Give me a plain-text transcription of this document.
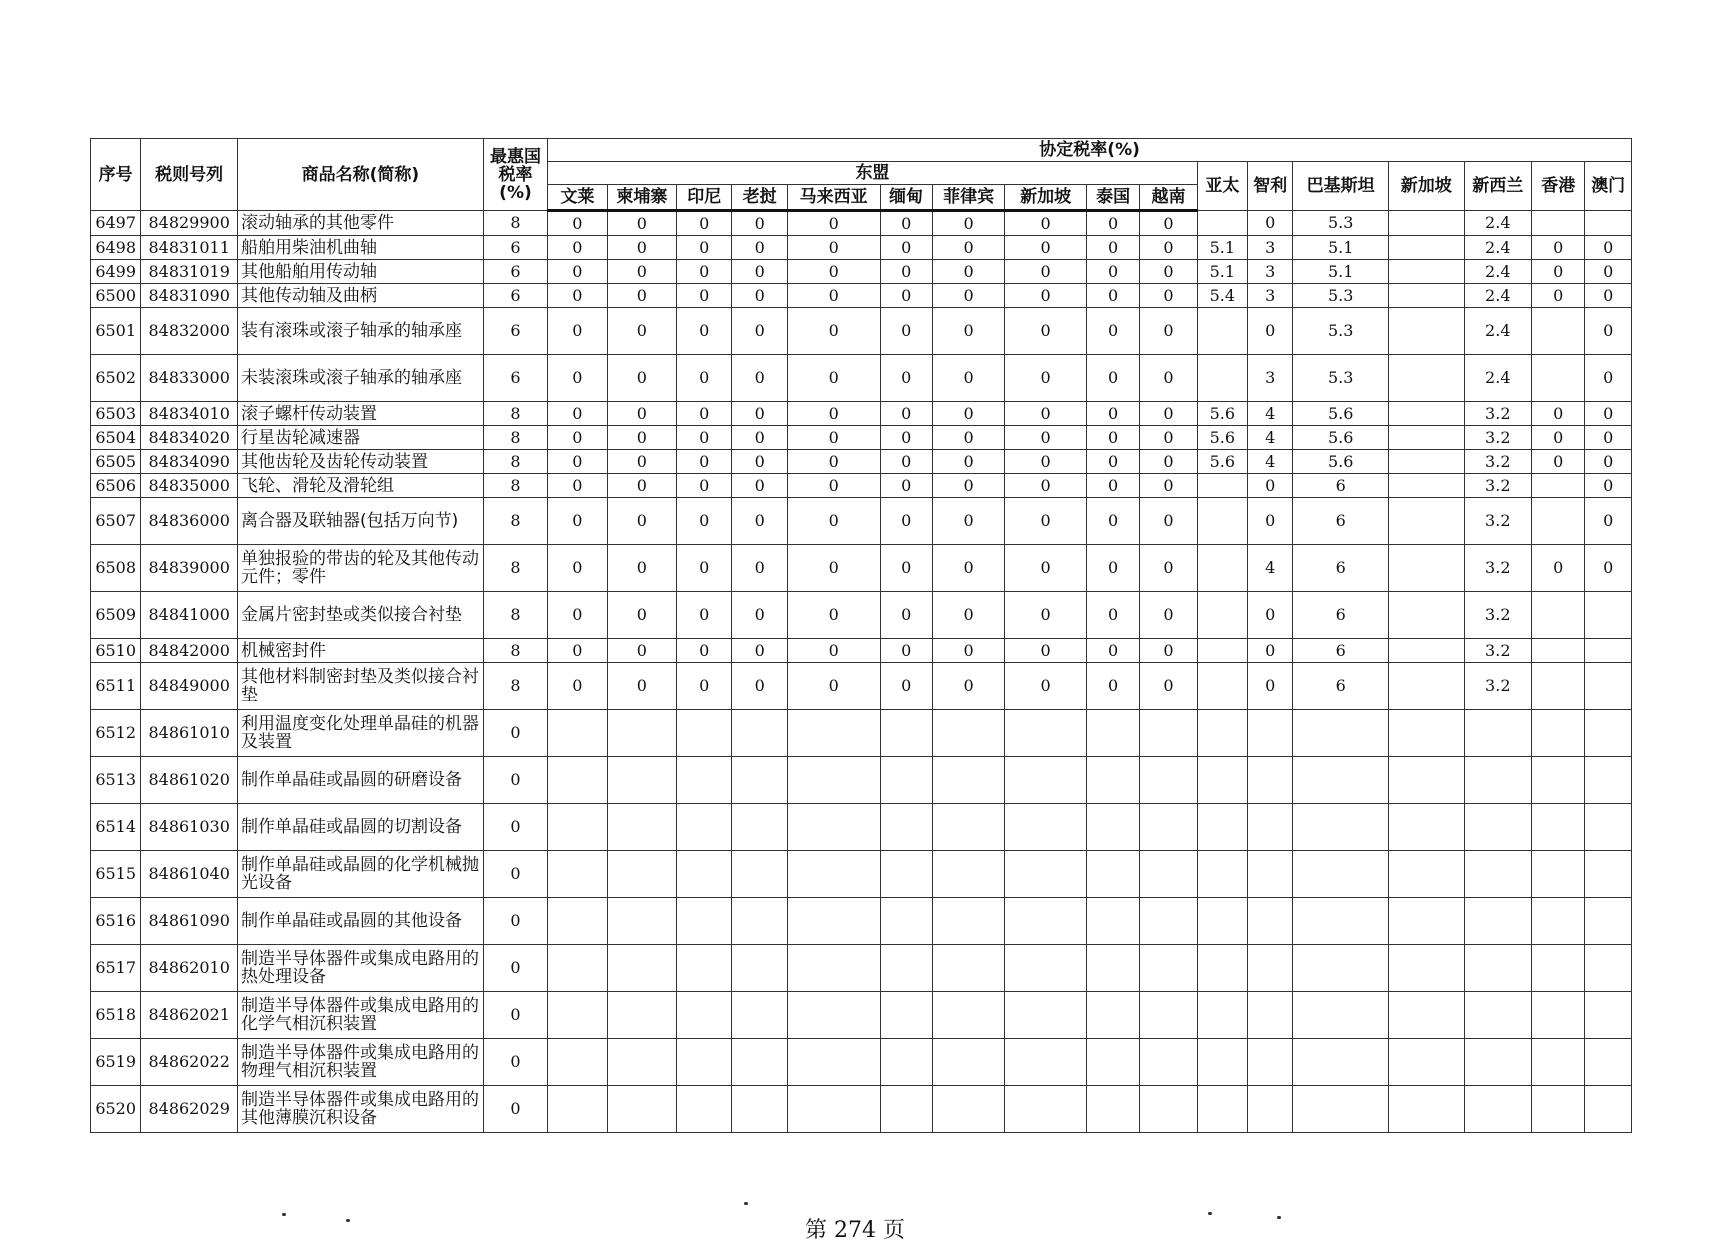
序号	税则号列	商品名称(简称)	最惠国
税率
(%)	协定税率(%)																
				东盟										亚太	智利	巴基斯坦	新加坡	新西兰	香港	澳门
				文莱	柬埔寨	印尼	老挝	马来西亚	缅甸	菲律宾	新加坡	泰国	越南							
6497	84829900	滚动轴承的其他零件	8	0	0	0	0	0	0	0	0	0	0		0	5.3		2.4		
6498	84831011	船舶用柴油机曲轴	6	0	0	0	0	0	0	0	0	0	0	5.1	3	5.1		2.4	0	0
6499	84831019	其他船舶用传动轴	6	0	0	0	0	0	0	0	0	0	0	5.1	3	5.1		2.4	0	0
6500	84831090	其他传动轴及曲柄	6	0	0	0	0	0	0	0	0	0	0	5.4	3	5.3		2.4	0	0
6501	84832000	装有滚珠或滚子轴承的轴承座	6	0	0	0	0	0	0	0	0	0	0		0	5.3		2.4		0
6502	84833000	未装滚珠或滚子轴承的轴承座	6	0	0	0	0	0	0	0	0	0	0		3	5.3		2.4		0
6503	84834010	滚子螺杆传动装置	8	0	0	0	0	0	0	0	0	0	0	5.6	4	5.6		3.2	0	0
6504	84834020	行星齿轮减速器	8	0	0	0	0	0	0	0	0	0	0	5.6	4	5.6		3.2	0	0
6505	84834090	其他齿轮及齿轮传动装置	8	0	0	0	0	0	0	0	0	0	0	5.6	4	5.6		3.2	0	0
6506	84835000	飞轮、滑轮及滑轮组	8	0	0	0	0	0	0	0	0	0	0		0	6		3.2		0
6507	84836000	离合器及联轴器(包括万向节)	8	0	0	0	0	0	0	0	0	0	0		0	6		3.2		0
6508	84839000	单独报验的带齿的轮及其他传动元件；零件	8	0	0	0	0	0	0	0	0	0	0		4	6		3.2	0	0
6509	84841000	金属片密封垫或类似接合衬垫	8	0	0	0	0	0	0	0	0	0	0		0	6		3.2		
6510	84842000	机械密封件	8	0	0	0	0	0	0	0	0	0	0		0	6		3.2		
6511	84849000	其他材料制密封垫及类似接合衬垫	8	0	0	0	0	0	0	0	0	0	0		0	6		3.2		
6512	84861010	利用温度变化处理单晶硅的机器及装置	0																	
6513	84861020	制作单晶硅或晶圆的研磨设备	0																	
6514	84861030	制作单晶硅或晶圆的切割设备	0																	
6515	84861040	制作单晶硅或晶圆的化学机械抛光设备	0																	
6516	84861090	制作单晶硅或晶圆的其他设备	0																	
6517	84862010	制造半导体器件或集成电路用的热处理设备	0																	
6518	84862021	制造半导体器件或集成电路用的化学气相沉积装置	0																	
6519	84862022	制造半导体器件或集成电路用的物理气相沉积装置	0																	
6520	84862029	制造半导体器件或集成电路用的其他薄膜沉积设备	0																	
第 274 页
